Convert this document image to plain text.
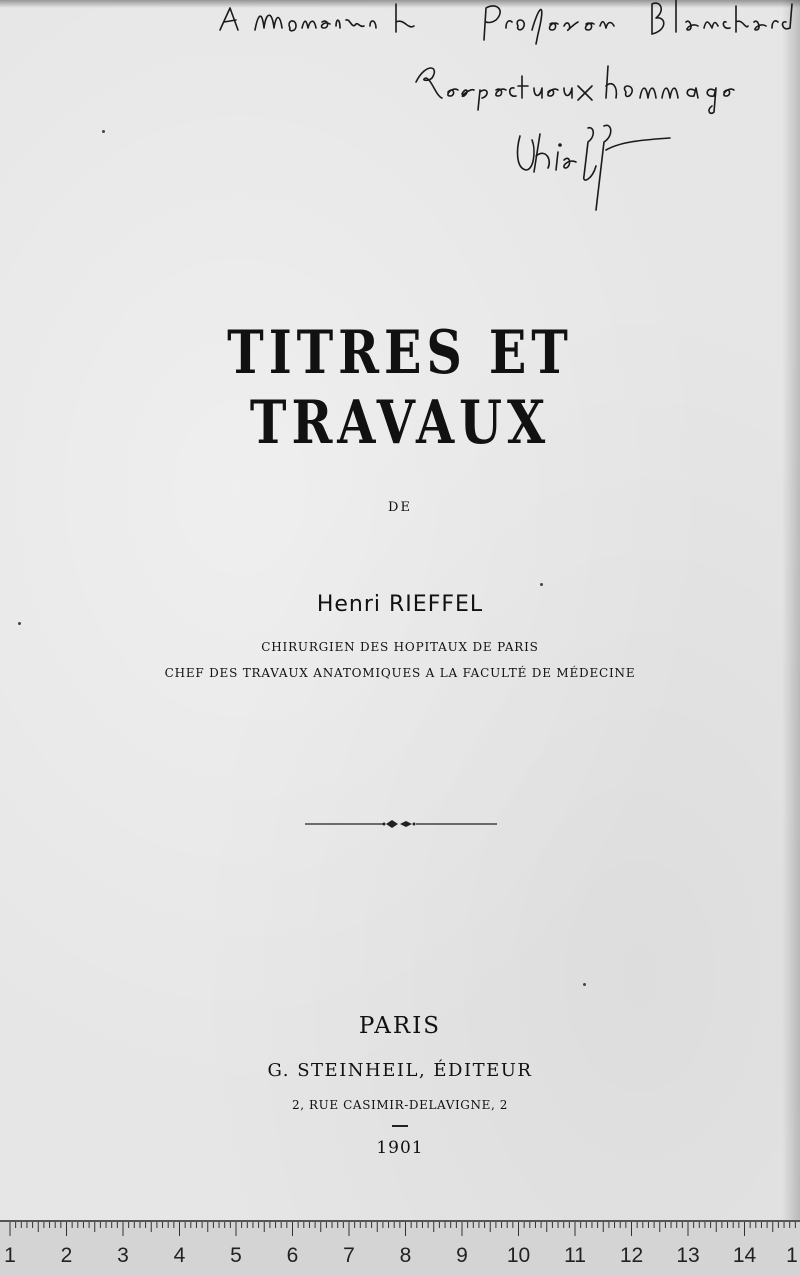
TITRES ET TRAVAUX
DE
Henri RIEFFEL
CHIRURGIEN DES HOPITAUX DE PARIS
CHEF DES TRAVAUX ANATOMIQUES A LA FACULTÉ DE MÉDECINE
PARIS
G. STEINHEIL, ÉDITEUR
2, RUE CASIMIR-DELAVIGNE, 2
1901
1 2 3 4 5 6 7 8 9 10 11 12 13 14 1
